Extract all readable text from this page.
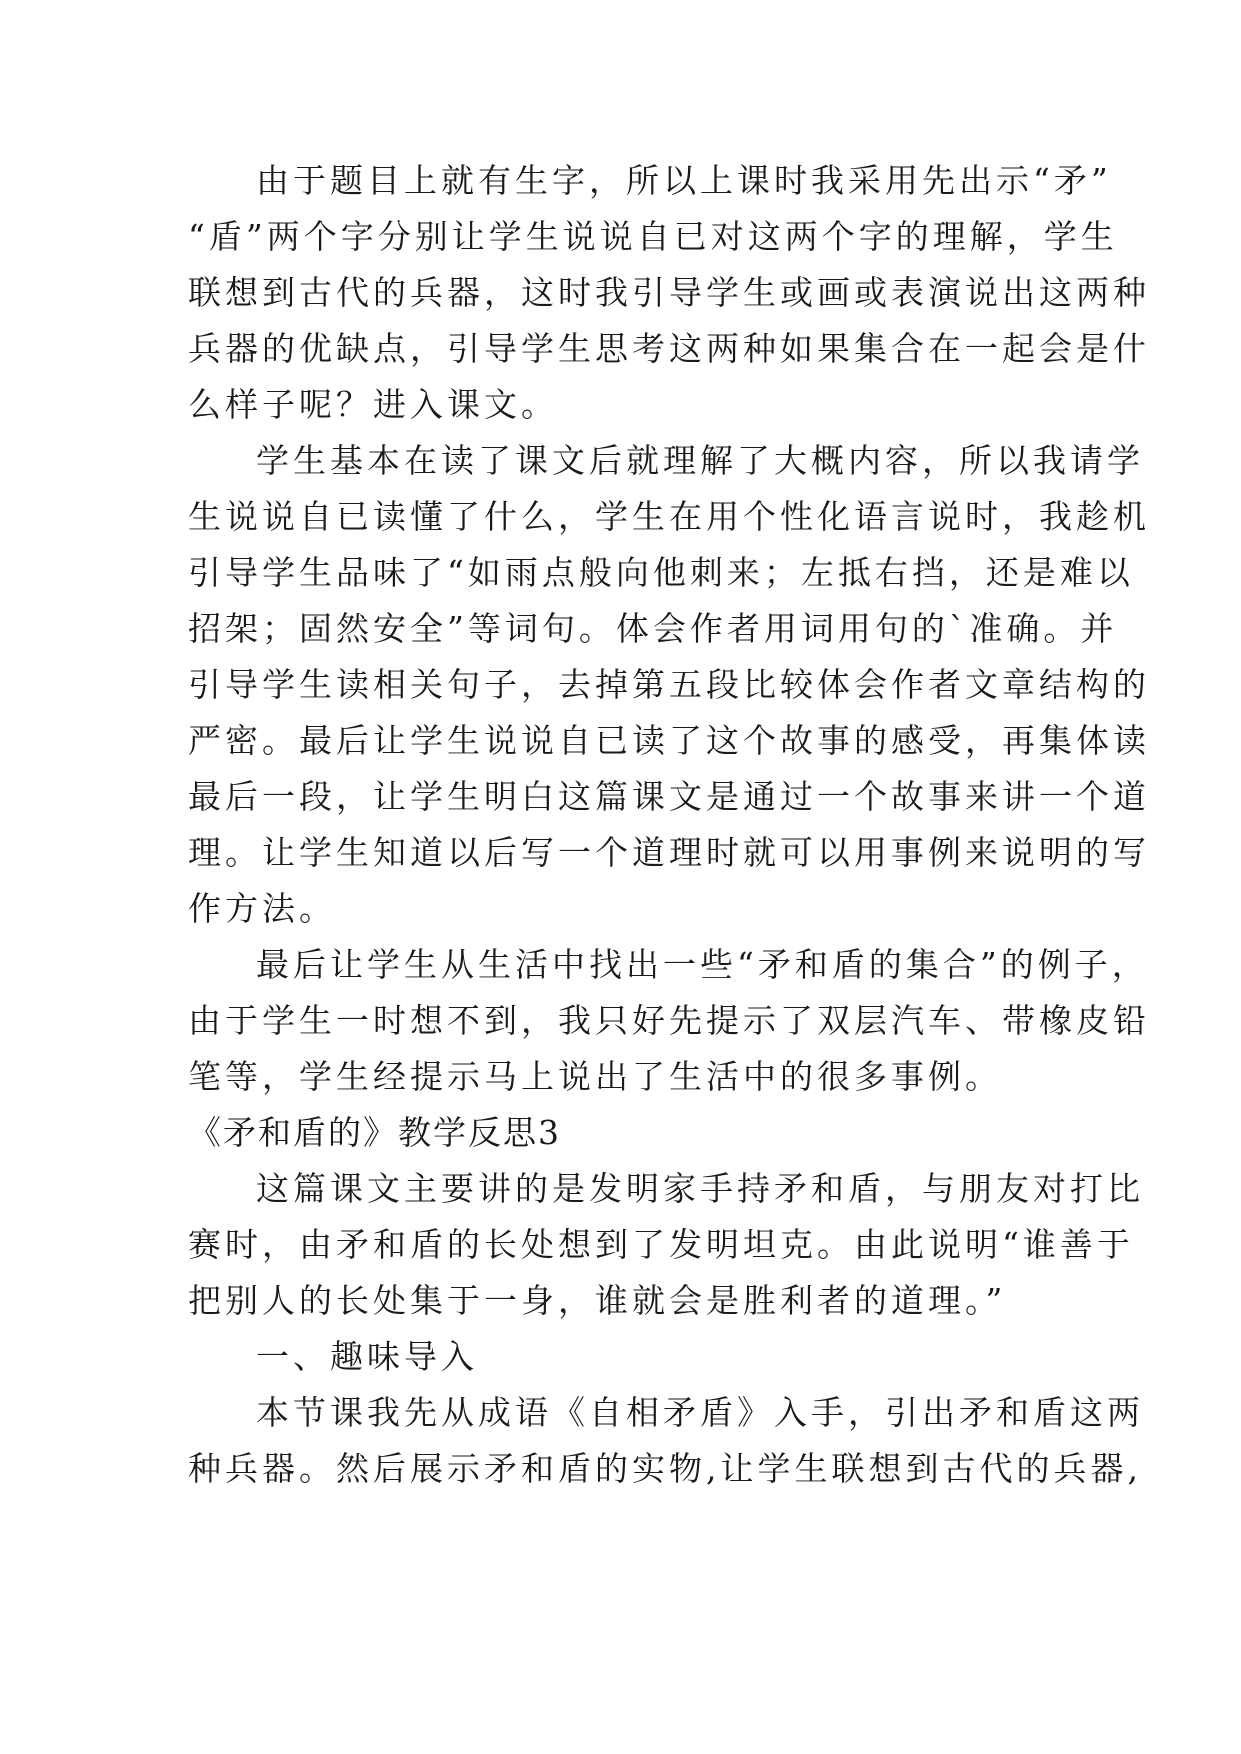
由于题目上就有生字，所以上课时我采用先出示“矛”

“盾”两个字分别让学生说说自已对这两个字的理解，学生

联想到古代的兵器，这时我引导学生或画或表演说出这两种

兵器的优缺点，引导学生思考这两种如果集合在一起会是什

么样子呢？进入课文。

学生基本在读了课文后就理解了大概内容，所以我请学

生说说自已读懂了什么，学生在用个性化语言说时，我趁机

引导学生品味了“如雨点般向他刺来；左抵右挡，还是难以

招架；固然安全”等词句。体会作者用词用句的`准确。并

引导学生读相关句子，去掉第五段比较体会作者文章结构的

严密。最后让学生说说自已读了这个故事的感受，再集体读

最后一段，让学生明白这篇课文是通过一个故事来讲一个道

理。让学生知道以后写一个道理时就可以用事例来说明的写

作方法。

最后让学生从生活中找出一些“矛和盾的集合”的例子，

由于学生一时想不到，我只好先提示了双层汽车、带橡皮铅

笔等，学生经提示马上说出了生活中的很多事例。

《矛和盾的》教学反思3

这篇课文主要讲的是发明家手持矛和盾，与朋友对打比

赛时，由矛和盾的长处想到了发明坦克。由此说明“谁善于

把别人的长处集于一身，谁就会是胜利者的道理。”

一、趣味导入

本节课我先从成语《自相矛盾》入手，引出矛和盾这两

种兵器。然后展示矛和盾的实物,让学生联想到古代的兵器,
